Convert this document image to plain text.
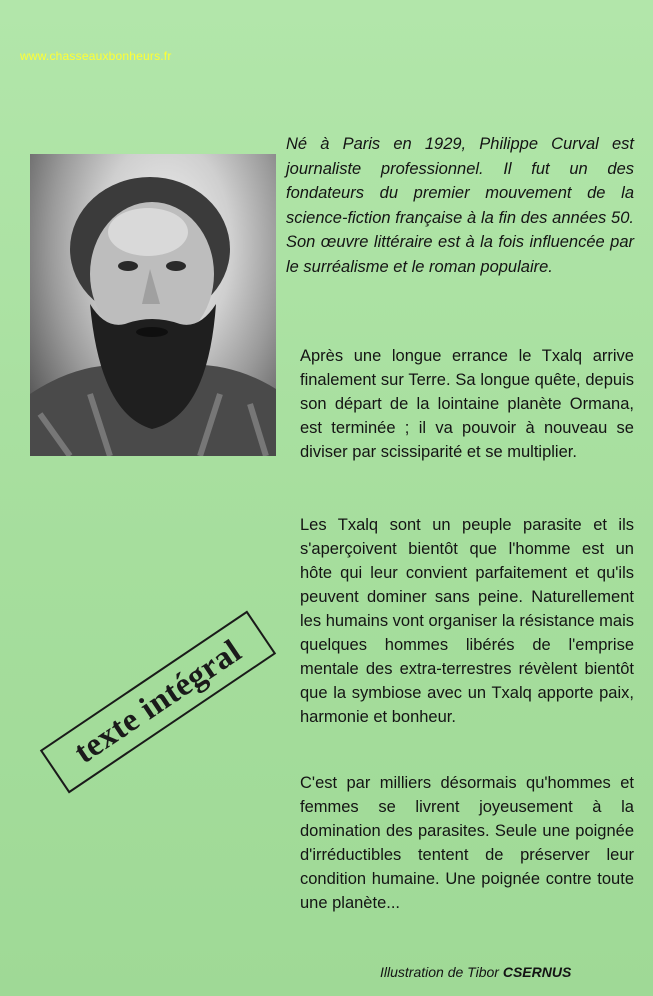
www.chasseauxbonheurs.fr
Né à Paris en 1929, Philippe Curval est journaliste professionnel. Il fut un des fondateurs du premier mouvement de la science-fiction française à la fin des années 50. Son œuvre littéraire est à la fois influencée par le surréalisme et le roman populaire.

Après une longue errance le Txalq arrive finalement sur Terre. Sa longue quête, depuis son départ de la lointaine planète Ormana, est terminée ; il va pouvoir à nouveau se diviser par scissiparité et se multiplier.

Les Txalq sont un peuple parasite et ils s'aperçoivent bientôt que l'homme est un hôte qui leur convient parfaitement et qu'ils peuvent dominer sans peine. Naturellement les humains vont organiser la résistance mais quelques hommes libérés de l'emprise mentale des extra-terrestres révèlent bientôt que la symbiose avec un Txalq apporte paix, harmonie et bonheur.

C'est par milliers désormais qu'hommes et femmes se livrent joyeusement à la domination des parasites. Seule une poignée d'irréductibles tentent de préserver leur condition humaine. Une poignée contre toute une planète...

texte intégral
Illustration de Tibor CSERNUS
